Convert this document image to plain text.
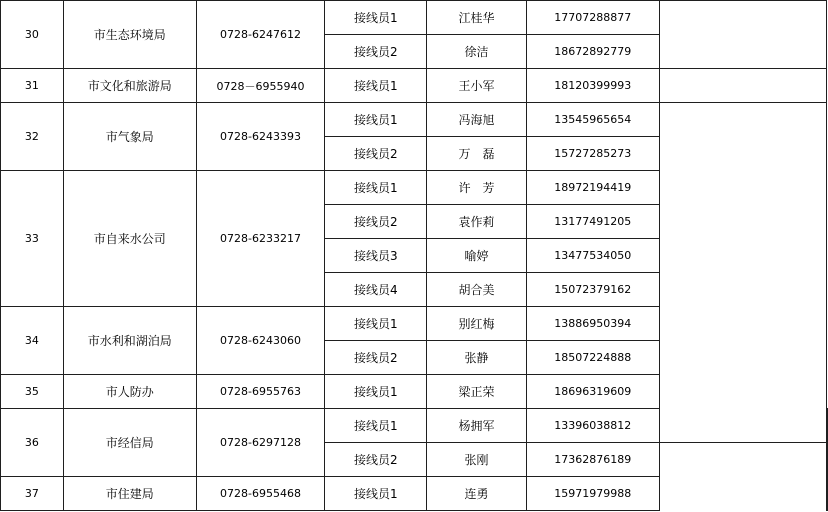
30	市生态环境局	0728-6247612	接线员1	江桂华	17707288877		
			接线员2	徐洁	18672892779		
31	市文化和旅游局	0728－6955940	接线员1	王小军	18120399993		
32	市气象局	0728-6243393	接线员1	冯海旭	13545965654		
			接线员2	万　磊	15727285273		
33	市自来水公司	0728-6233217	接线员1	许　芳	18972194419		
			接线员2	袁作莉	13177491205		
			接线员3	喻婷	13477534050		
			接线员4	胡合美	15072379162		
34	市水利和湖泊局	0728-6243060	接线员1	别红梅	13886950394		
			接线员2	张静	18507224888		
35	市人防办	0728-6955763	接线员1	梁正荣	18696319609		
36	市经信局	0728-6297128	接线员1	杨拥军	13396038812		
			接线员2	张刚	17362876189		
37	市住建局	0728-6955468	接线员1	连勇	15971979988		
